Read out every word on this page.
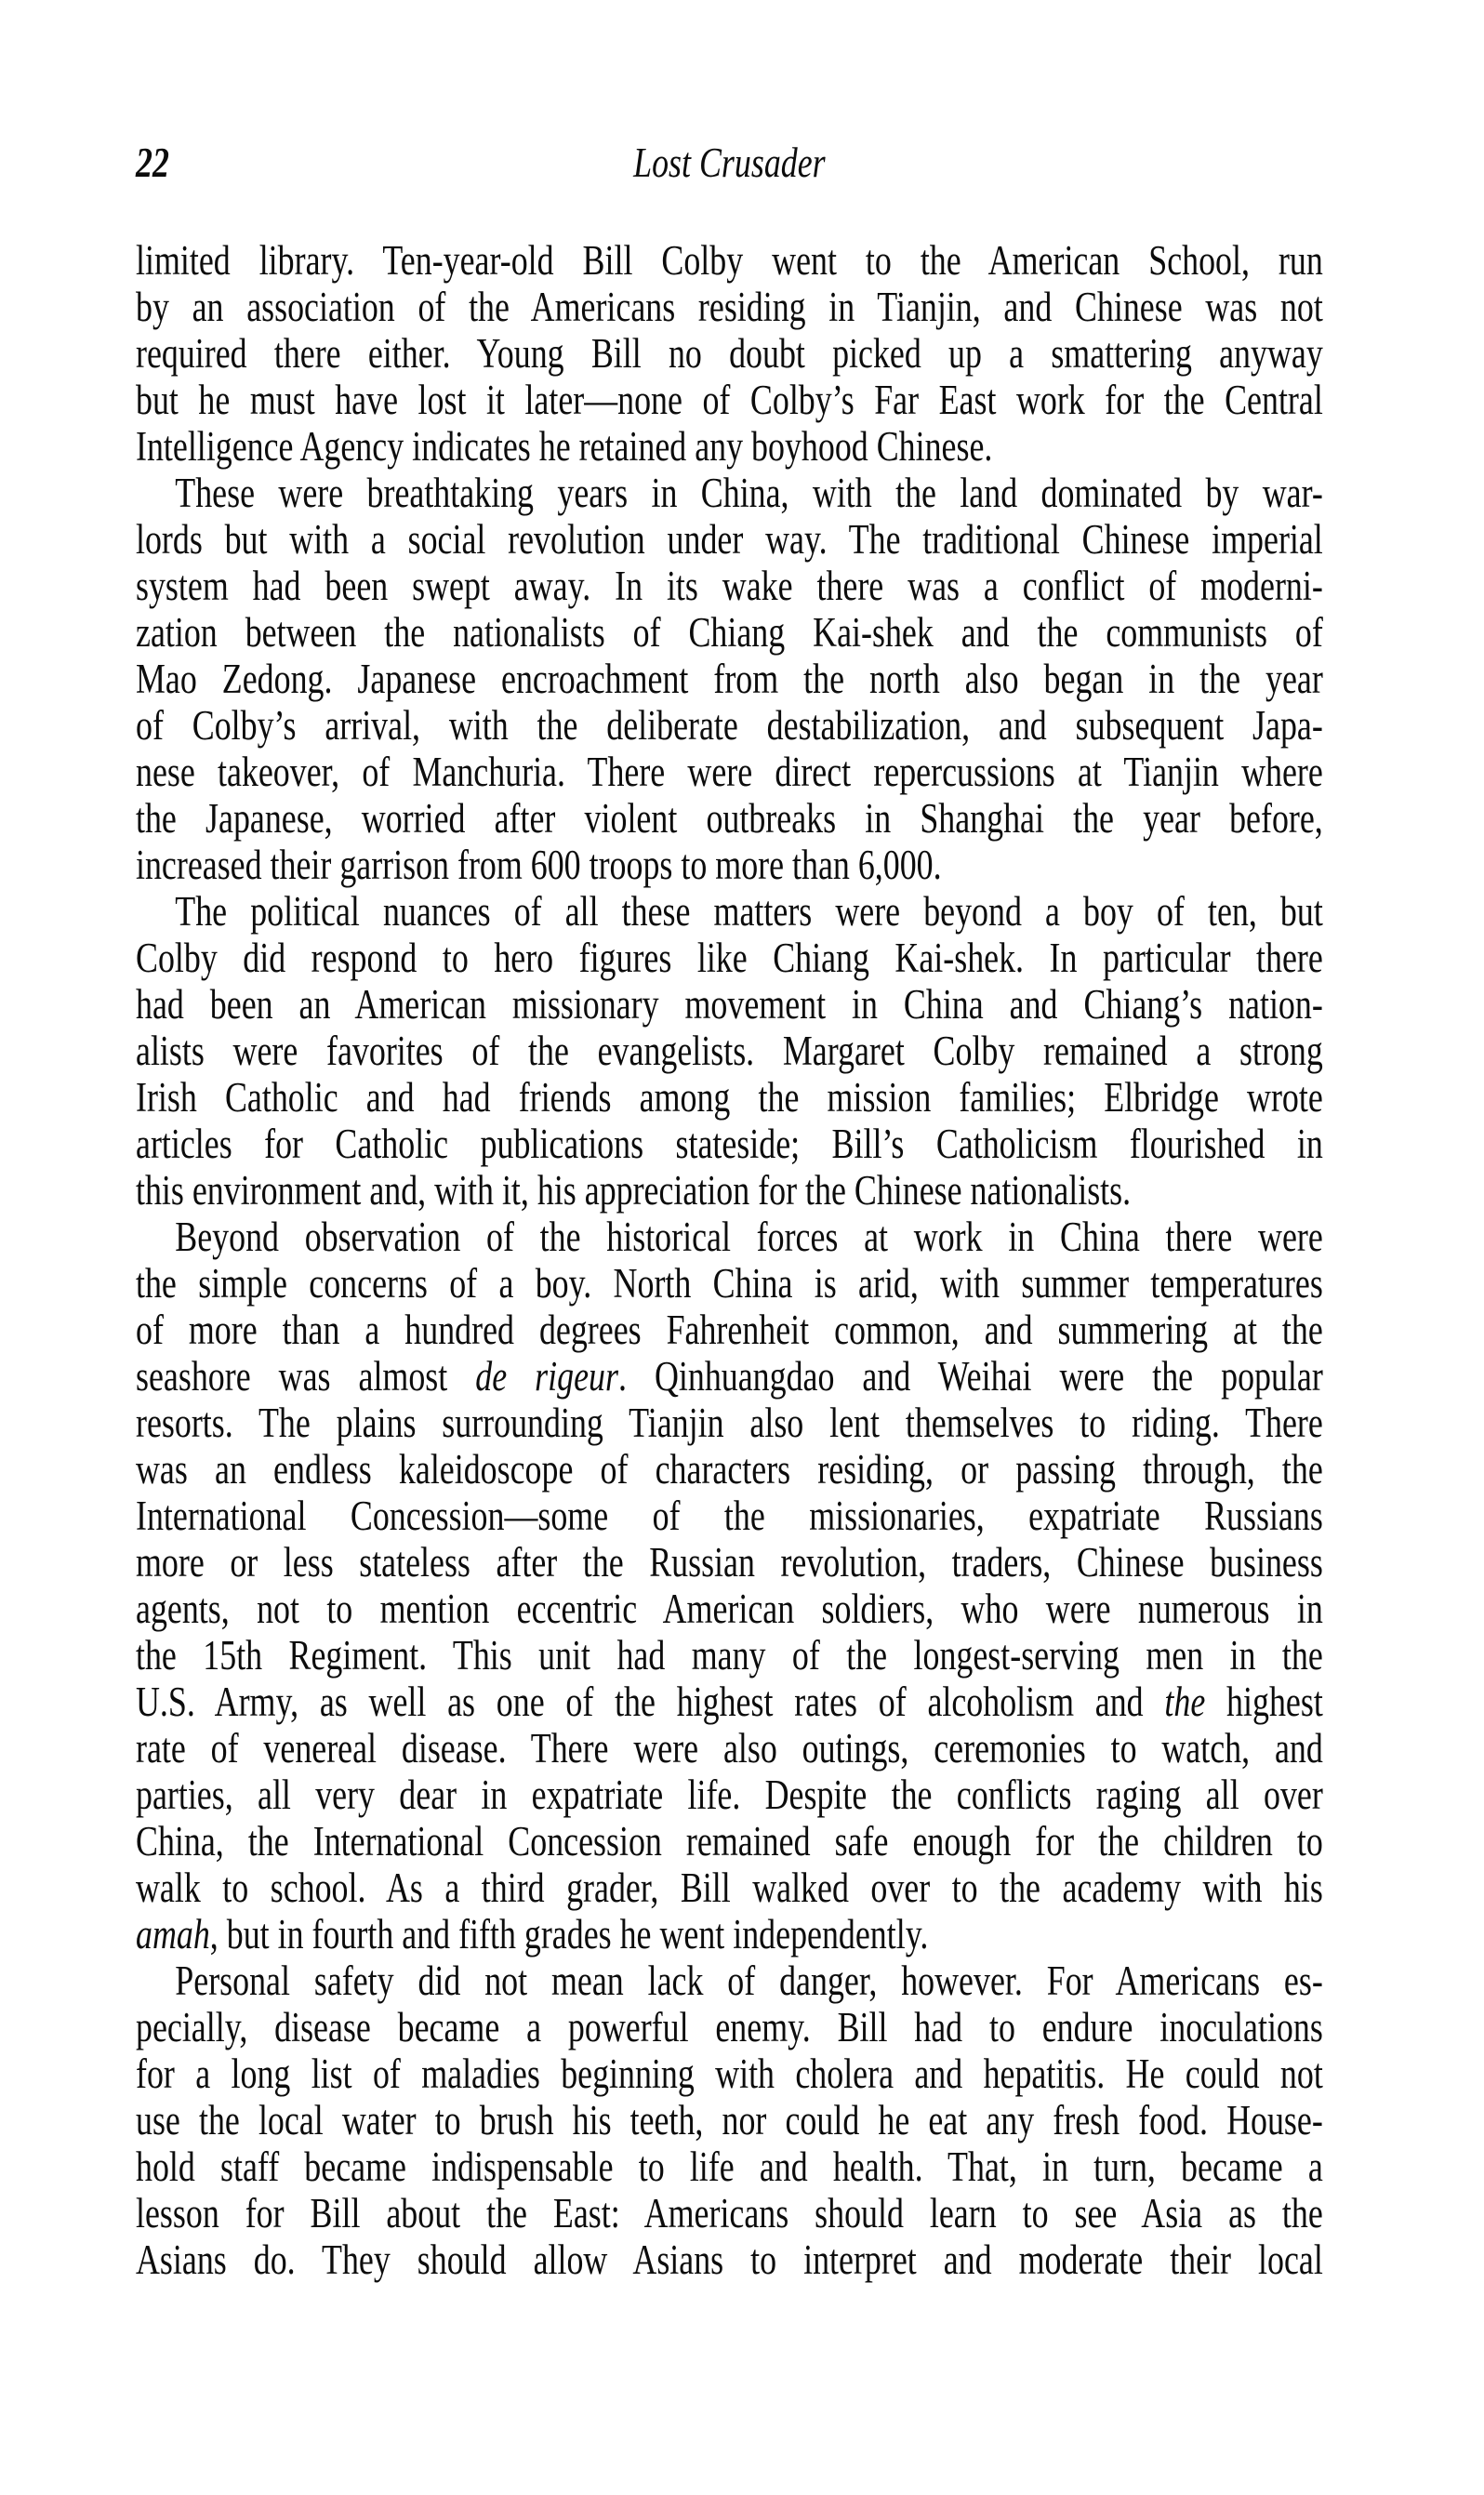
22	Lost Crusader
limited library. Ten-year-old Bill Colby went to the American School, run
by an association of the Americans residing in Tianjin, and Chinese was not
required there either. Young Bill no doubt picked up a smattering anyway
but he must have lost it later—none of Colby’s Far East work for the Central
Intelligence Agency indicates he retained any boyhood Chinese.
These were breathtaking years in China, with the land dominated by war-
lords but with a social revolution under way. The traditional Chinese imperial
system had been swept away. In its wake there was a conflict of moderni-
zation between the nationalists of Chiang Kai-shek and the communists of
Mao Zedong. Japanese encroachment from the north also began in the year
of Colby’s arrival, with the deliberate destabilization, and subsequent Japa-
nese takeover, of Manchuria. There were direct repercussions at Tianjin where
the Japanese, worried after violent outbreaks in Shanghai the year before,
increased their garrison from 600 troops to more than 6,000.
The political nuances of all these matters were beyond a boy of ten, but
Colby did respond to hero figures like Chiang Kai-shek. In particular there
had been an American missionary movement in China and Chiang’s nation-
alists were favorites of the evangelists. Margaret Colby remained a strong
Irish Catholic and had friends among the mission families; Elbridge wrote
articles for Catholic publications stateside; Bill’s Catholicism flourished in
this environment and, with it, his appreciation for the Chinese nationalists.
Beyond observation of the historical forces at work in China there were
the simple concerns of a boy. North China is arid, with summer temperatures
of more than a hundred degrees Fahrenheit common, and summering at the
seashore was almost de rigeur. Qinhuangdao and Weihai were the popular
resorts. The plains surrounding Tianjin also lent themselves to riding. There
was an endless kaleidoscope of characters residing, or passing through, the
International Concession—some of the missionaries, expatriate Russians
more or less stateless after the Russian revolution, traders, Chinese business
agents, not to mention eccentric American soldiers, who were numerous in
the 15th Regiment. This unit had many of the longest-serving men in the
U.S. Army, as well as one of the highest rates of alcoholism and the highest
rate of venereal disease. There were also outings, ceremonies to watch, and
parties, all very dear in expatriate life. Despite the conflicts raging all over
China, the International Concession remained safe enough for the children to
walk to school. As a third grader, Bill walked over to the academy with his
amah, but in fourth and fifth grades he went independently.
Personal safety did not mean lack of danger, however. For Americans es-
pecially, disease became a powerful enemy. Bill had to endure inoculations
for a long list of maladies beginning with cholera and hepatitis. He could not
use the local water to brush his teeth, nor could he eat any fresh food. House-
hold staff became indispensable to life and health. That, in turn, became a
lesson for Bill about the East: Americans should learn to see Asia as the
Asians do. They should allow Asians to interpret and moderate their local
